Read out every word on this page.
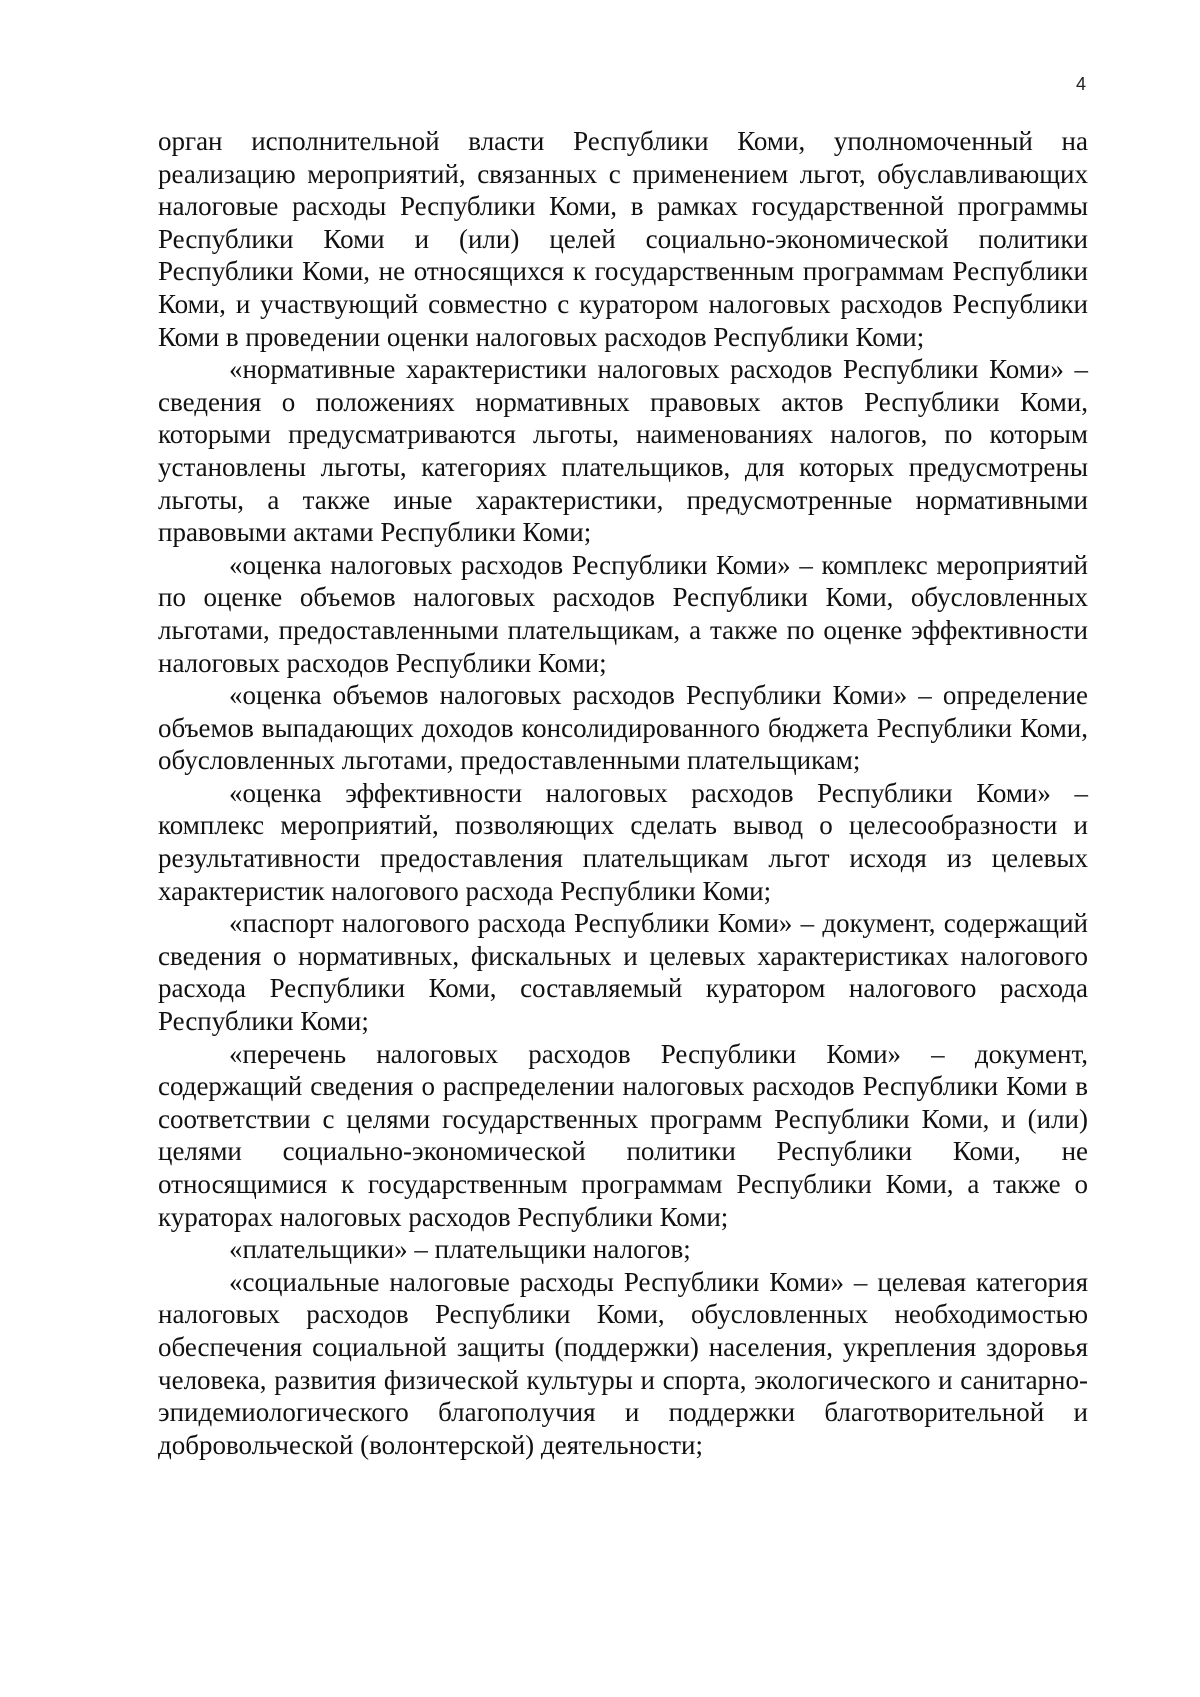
4

орган исполнительной власти Республики Коми, уполномоченный на реализацию мероприятий, связанных с применением льгот, обуславливающих налоговые расходы Республики Коми, в рамках государственной программы Республики Коми и (или) целей социально-экономической политики Республики Коми, не относящихся к государственным программам Республики Коми, и участвующий совместно с куратором налоговых расходов Республики Коми в проведении оценки налоговых расходов Республики Коми;

«нормативные характеристики налоговых расходов Республики Коми» – сведения о положениях нормативных правовых актов Республики Коми, которыми предусматриваются льготы, наименованиях налогов, по которым установлены льготы, категориях плательщиков, для которых предусмотрены льготы, а также иные характеристики, предусмотренные нормативными правовыми актами Республики Коми;

«оценка налоговых расходов Республики Коми» – комплекс мероприятий по оценке объемов налоговых расходов Республики Коми, обусловленных льготами, предоставленными плательщикам, а также по оценке эффективности налоговых расходов Республики Коми;

«оценка объемов налоговых расходов Республики Коми» – определение объемов выпадающих доходов консолидированного бюджета Республики Коми, обусловленных льготами, предоставленными плательщикам;

«оценка эффективности налоговых расходов Республики Коми» – комплекс мероприятий, позволяющих сделать вывод о целесообразности и результативности предоставления плательщикам льгот исходя из целевых характеристик налогового расхода Республики Коми;

«паспорт налогового расхода Республики Коми» – документ, содержащий сведения о нормативных, фискальных и целевых характеристиках налогового расхода Республики Коми, составляемый куратором налогового расхода Республики Коми;

«перечень налоговых расходов Республики Коми» – документ, содержащий сведения о распределении налоговых расходов Республики Коми в соответствии с целями государственных программ Республики Коми, и (или) целями социально-экономической политики Республики Коми, не относящимися к государственным программам Республики Коми, а также о кураторах налоговых расходов Республики Коми;

«плательщики» – плательщики налогов;

«социальные налоговые расходы Республики Коми» – целевая категория налоговых расходов Республики Коми, обусловленных необходимостью обеспечения социальной защиты (поддержки) населения, укрепления здоровья человека, развития физической культуры и спорта, экологического и санитарно-эпидемиологического благополучия и поддержки благотворительной и добровольческой (волонтерской) деятельности;
